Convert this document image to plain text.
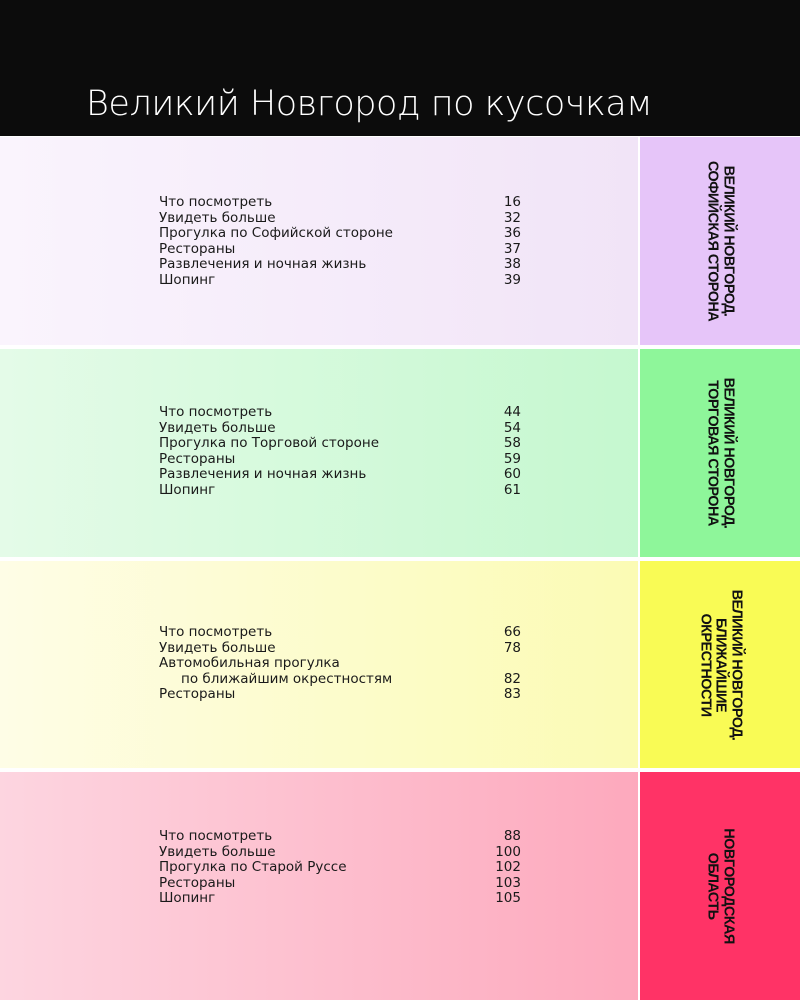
Великий Новгород по кусочкам
Что посмотреть	16
Увидеть больше	32
Прогулка по Софийской стороне	36
Рестораны	37
Развлечения и ночная жизнь	38
Шопинг	39	ВЕЛИКИЙ НОВГОРОД.
СОФИЙСКАЯ СТОРОНА
Что посмотреть	44
Увидеть больше	54
Прогулка по Торговой стороне	58
Рестораны	59
Развлечения и ночная жизнь	60
Шопинг	61	ВЕЛИКИЙ НОВГОРОД.
ТОРГОВАЯ СТОРОНА
Что посмотреть	66
Увидеть больше	78
Автомобильная прогулка
по ближайшим окрестностям	82
Рестораны	83	ВЕЛИКИЙ НОВГОРОД.
БЛИЖАЙШИЕ
ОКРЕСТНОСТИ
Что посмотреть	88
Увидеть больше	100
Прогулка по Старой Руссе	102
Рестораны	103
Шопинг	105	НОВГОРОДСКАЯ
ОБЛАСТЬ
